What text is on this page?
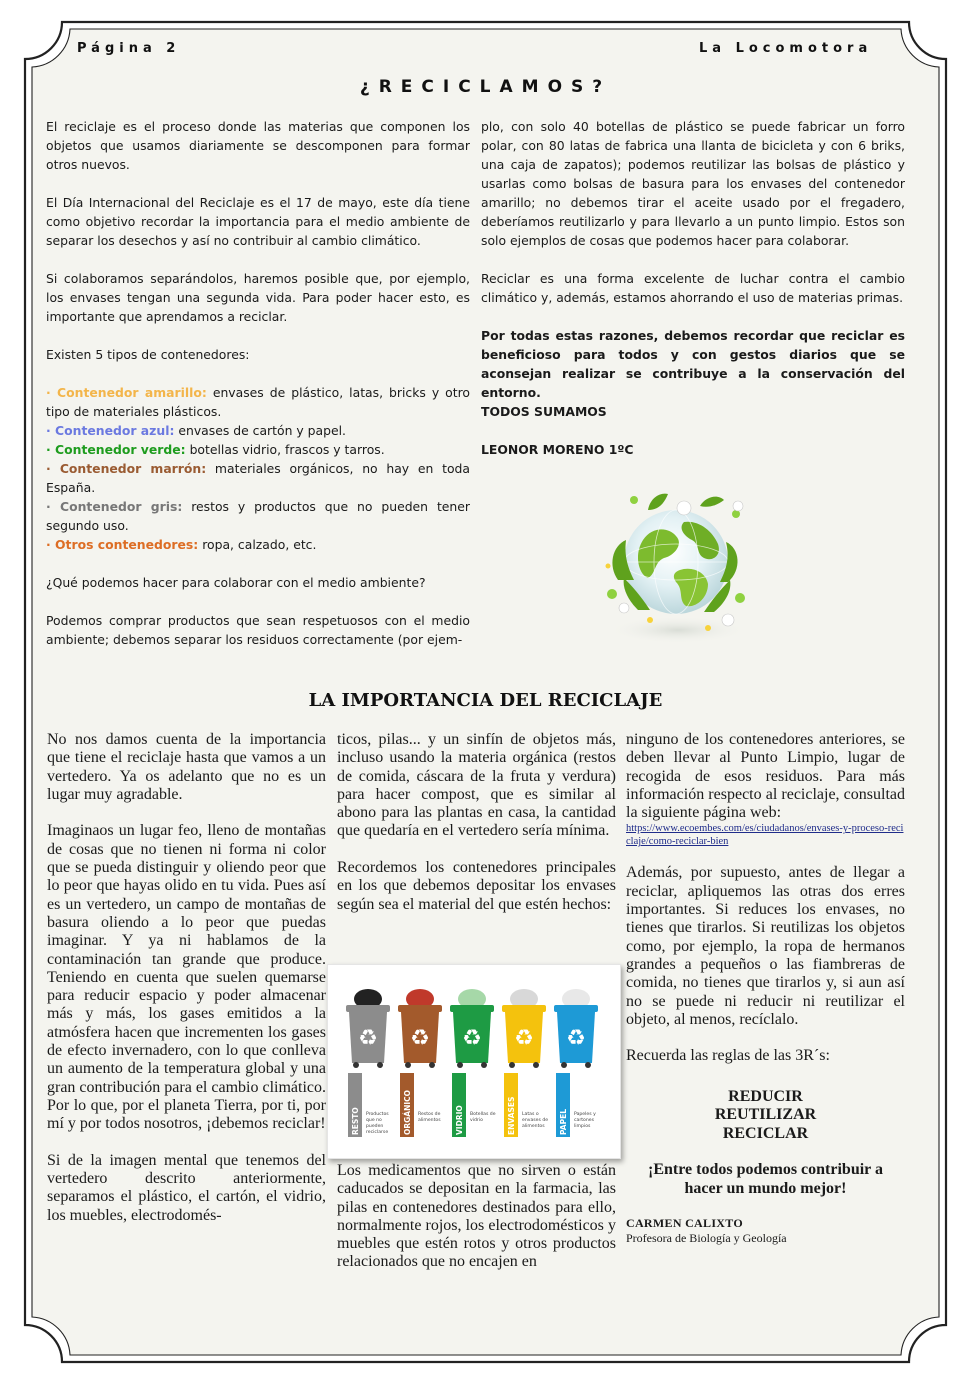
Página 2	La Locomotora
¿RECICLAMOS?

El reciclaje es el proceso donde las materias que componen los objetos que usamos diariamente se descomponen para formar otros nuevos.

El Día Internacional del Reciclaje es el 17 de mayo, este día tiene como objetivo recordar la importancia para el medio ambiente de separar los desechos y así no contribuir al cambio climático.

Si colaboramos separándolos, haremos posible que, por ejemplo, los envases tengan una segunda vida. Para poder hacer esto, es importante que aprendamos a reciclar.

Existen 5 tipos de contenedores:

· Contenedor amarillo: envases de plástico, latas, bricks y otro tipo de materiales plásticos.

· Contenedor azul: envases de cartón y papel.

· Contenedor verde: botellas vidrio, frascos y tarros.

· Contenedor marrón: materiales orgánicos, no hay en toda España.

· Contenedor gris: restos y productos que no pueden tener segundo uso.

· Otros contenedores: ropa, calzado, etc.

¿Qué podemos hacer para colaborar con el medio ambiente?

Podemos comprar productos que sean respetuosos con el medio ambiente; debemos separar los residuos correctamente (por ejem-

plo, con solo 40 botellas de plástico se puede fabricar un forro polar, con 80 latas de fabrica una llanta de bicicleta y con 6 briks, una caja de zapatos); podemos reutilizar las bolsas de plástico y usarlas como bolsas de basura para los envases del contenedor amarillo; no debemos tirar el aceite usado por el fregadero, deberíamos reutilizarlo y para llevarlo a un punto limpio. Estos son solo ejemplos de cosas que podemos hacer para colaborar.

Reciclar es una forma excelente de luchar contra el cambio climático y, además, estamos ahorrando el uso de materias primas.

Por todas estas razones, debemos recordar que reciclar es beneficioso para todos y con gestos diarios que se aconsejan realizar se contribuye a la conservación del entorno.

TODOS SUMAMOS

LEONOR MORENO 1ºC

LA IMPORTANCIA DEL RECICLAJE

No nos damos cuenta de la importancia que tiene el reciclaje hasta que vamos a un vertedero. Ya os adelanto que no es un lugar muy agradable.

Imaginaos un lugar feo, lleno de montañas de cosas que no tienen ni forma ni color que se pueda distinguir y oliendo peor que lo peor que hayas olido en tu vida. Pues así es un vertedero, un campo de montañas de basura oliendo a lo peor que puedas imaginar. Y ya ni hablamos de la contaminación tan grande que produce. Teniendo en cuenta que suelen quemarse para reducir espacio y poder almacenar más y más, los gases emitidos a la atmósfera hacen que incrementen los gases de efecto invernadero, con lo que conlleva un aumento de la temperatura global y una gran contribución para el cambio climático. Por lo que, por el planeta Tierra, por ti, por mí y por todos nosotros, ¡debemos reciclar!

Si de la imagen mental que tenemos del vertedero descrito anteriormente, separamos el plástico, el cartón, el vidrio, los muebles, electrodomés-

ticos, pilas... y un sinfín de objetos más, incluso usando la materia orgánica (restos de comida, cáscara de la fruta y verdura) para hacer compost, que es similar al abono para las plantas en casa, la cantidad que quedaría en el vertedero sería mínima.

Recordemos los contenedores principales en los que debemos depositar los envases según sea el material del que estén hechos:

♻
RESTO Productos que no pueden reciclarse
♻
ORGÁNICO Restos de alimentos
♻
VIDRIO Botellas de vidrio
♻
ENVASES Latas o envases de alimentos
♻
PAPEL Papeles y cartones limpios

Los medicamentos que no sirven o están caducados se depositan en la farmacia, las pilas en contenedores destinados para ello, normalmente rojos, los electrodomésticos y muebles que estén rotos y otros productos relacionados que no encajen en

ninguno de los contenedores anteriores, se deben llevar al Punto Limpio, lugar de recogida de esos residuos. Para más información respecto al reciclaje, consultad la siguiente página web:

https://www.ecoembes.com/es/ciudadanos/envases-y-proceso-reciclaje/como-reciclar-bien

Además, por supuesto, antes de llegar a reciclar, apliquemos las otras dos erres importantes. Si reduces los envases, no tienes que tirarlos. Si reutilizas los objetos como, por ejemplo, la ropa de hermanos grandes a pequeños o las fiambreras de comida, no tienes que tirarlos y, si aun así no se puede ni reducir ni reutilizar el objeto, al menos, recíclalo.

Recuerda las reglas de las 3R´s:

REDUCIR
REUTILIZAR
RECICLAR

¡Entre todos podemos contribuir a hacer un mundo mejor!

CARMEN CALIXTO
Profesora de Biología y Geología
